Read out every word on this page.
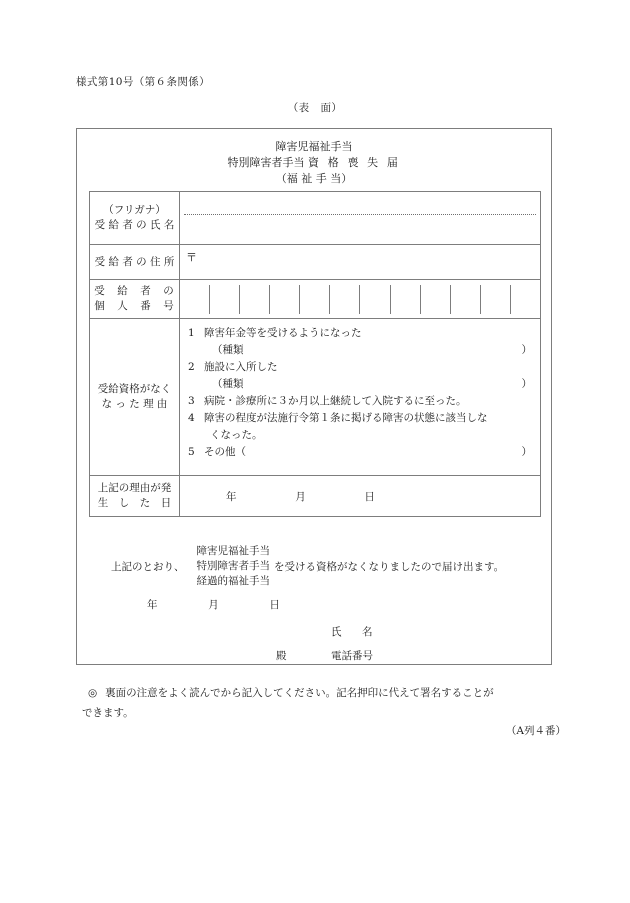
様式第10号（第６条関係）
（表　面）
障害児福祉手当
特別障害者手当 資 格 喪 失 届
（福 祉 手 当）
（フリガナ）
受 給 者 の 氏 名	

受 給 者 の 住 所	〒

受　給　者　の
個　人　番　号	

受給資格がなく
な っ た 理 由

1 障害年金等を受けるようになった
（種類	）
2 施設に入所した
（種類	）
3 病院・診療所に３か月以上継続して入院するに至った。
4 障害の程度が法施行令第１条に掲げる障害の状態に該当しな
くなった。
5 その他（	）

上記の理由が発
生　し　た　日	年 月 日
上記のとおり、
障害児福祉手当
特別障害者手当
経過的福祉手当
を受ける資格がなくなりましたので届け出ます。
年	月	日
氏　名
殿	電話番号
◎ 裏面の注意をよく読んでから記入してください。記名押印に代えて署名することが
できます。
（A列４番）
